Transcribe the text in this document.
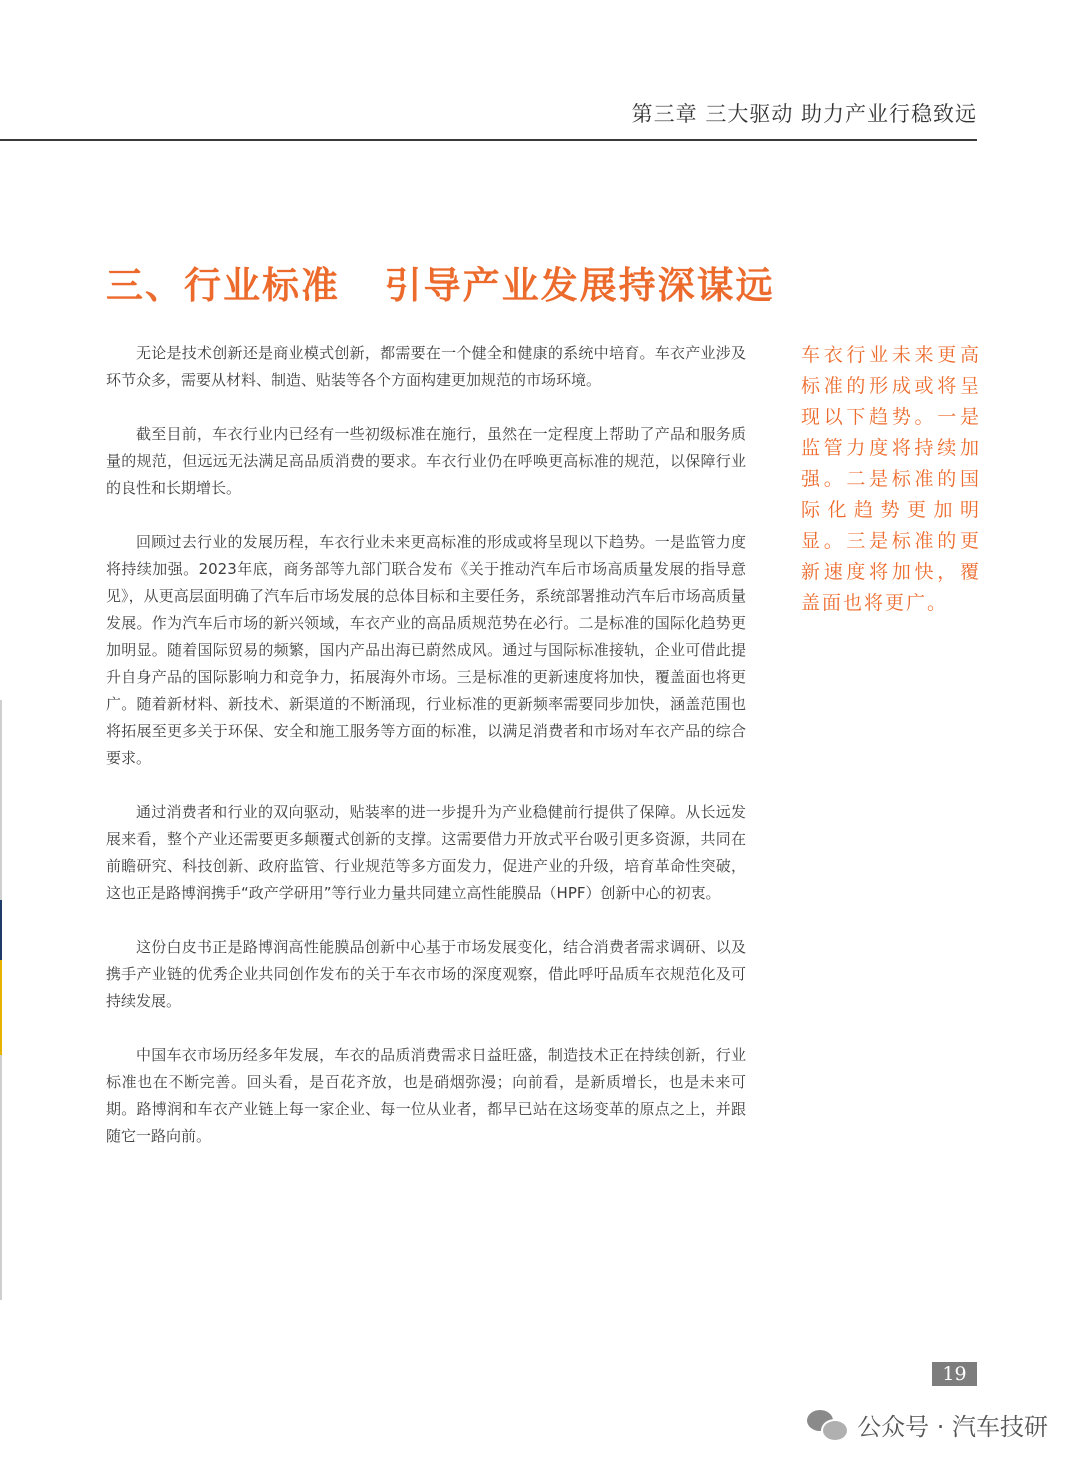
第三章 三大驱动 助力产业行稳致远
三、行业标准   引导产业发展持深谋远

无论是技术创新还是商业模式创新，都需要在一个健全和健康的系统中培育。车衣产业涉及环节众多，需要从材料、制造、贴装等各个方面构建更加规范的市场环境。

截至目前，车衣行业内已经有一些初级标准在施行，虽然在一定程度上帮助了产品和服务质量的规范，但远远无法满足高品质消费的要求。车衣行业仍在呼唤更高标准的规范，以保障行业的良性和长期增长。

回顾过去行业的发展历程，车衣行业未来更高标准的形成或将呈现以下趋势。一是监管力度将持续加强。2023年底，商务部等九部门联合发布《关于推动汽车后市场高质量发展的指导意见》，从更高层面明确了汽车后市场发展的总体目标和主要任务，系统部署推动汽车后市场高质量发展。作为汽车后市场的新兴领域，车衣产业的高品质规范势在必行。二是标准的国际化趋势更加明显。随着国际贸易的频繁，国内产品出海已蔚然成风。通过与国际标准接轨，企业可借此提升自身产品的国际影响力和竞争力，拓展海外市场。三是标准的更新速度将加快，覆盖面也将更广。随着新材料、新技术、新渠道的不断涌现，行业标准的更新频率需要同步加快，涵盖范围也将拓展至更多关于环保、安全和施工服务等方面的标准，以满足消费者和市场对车衣产品的综合要求。

通过消费者和行业的双向驱动，贴装率的进一步提升为产业稳健前行提供了保障。从长远发展来看，整个产业还需要更多颠覆式创新的支撑。这需要借力开放式平台吸引更多资源，共同在前瞻研究、科技创新、政府监管、行业规范等多方面发力，促进产业的升级，培育革命性突破，这也正是路博润携手“政产学研用”等行业力量共同建立高性能膜品（HPF）创新中心的初衷。

这份白皮书正是路博润高性能膜品创新中心基于市场发展变化，结合消费者需求调研、以及携手产业链的优秀企业共同创作发布的关于车衣市场的深度观察，借此呼吁品质车衣规范化及可持续发展。

中国车衣市场历经多年发展，车衣的品质消费需求日益旺盛，制造技术正在持续创新，行业标准也在不断完善。回头看，是百花齐放，也是硝烟弥漫；向前看，是新质增长，也是未来可期。路博润和车衣产业链上每一家企业、每一位从业者，都早已站在这场变革的原点之上，并跟随它一路向前。

车衣行业未来更高标准的形成或将呈现以下趋势。一是监管力度将持续加强。二是标准的国际化趋势更加明显。三是标准的更新速度将加快，覆盖面也将更广。
19
公众号 · 汽车技研
